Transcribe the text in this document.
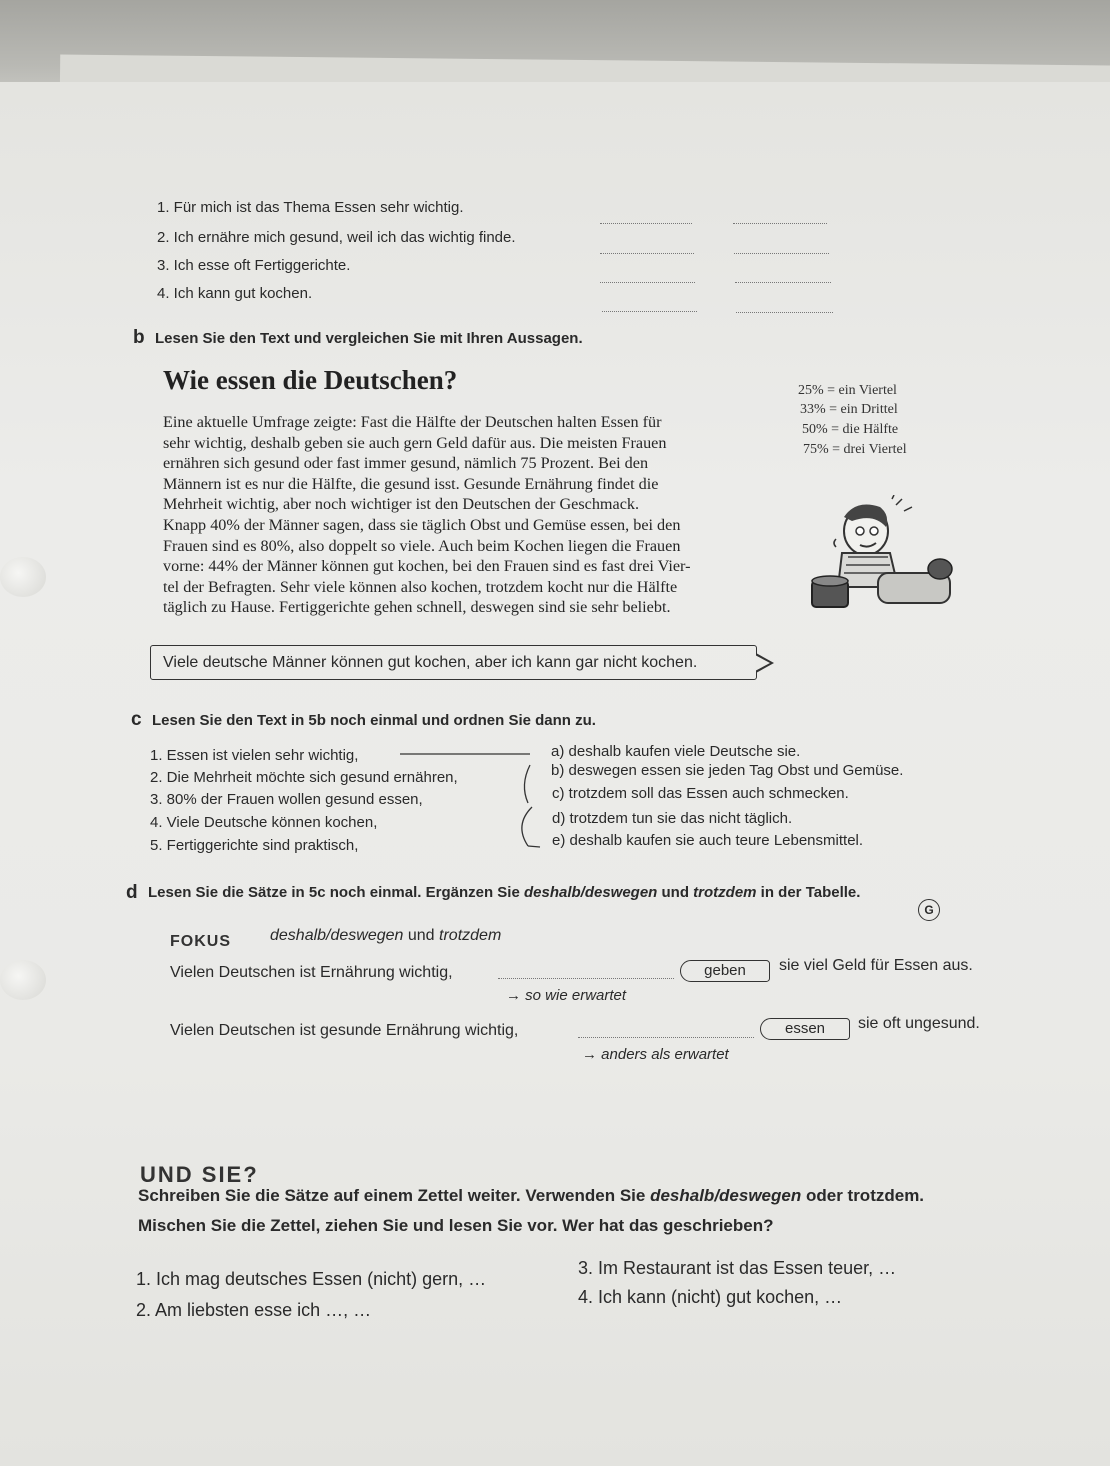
1. Für mich ist das Thema Essen sehr wichtig.
2. Ich ernähre mich gesund, weil ich das wichtig finde.
3. Ich esse oft Fertiggerichte.
4. Ich kann gut kochen.
b Lesen Sie den Text und vergleichen Sie mit Ihren Aussagen.
Wie essen die Deutschen?
Eine aktuelle Umfrage zeigte: Fast die Hälfte der Deutschen halten Essen für
sehr wichtig, deshalb geben sie auch gern Geld dafür aus. Die meisten Frauen
ernähren sich gesund oder fast immer gesund, nämlich 75 Prozent. Bei den
Männern ist es nur die Hälfte, die gesund isst. Gesunde Ernährung findet die
Mehrheit wichtig, aber noch wichtiger ist den Deutschen der Geschmack.
Knapp 40% der Männer sagen, dass sie täglich Obst und Gemüse essen, bei den
Frauen sind es 80%, also doppelt so viele. Auch beim Kochen liegen die Frauen
vorne: 44% der Männer können gut kochen, bei den Frauen sind es fast drei Vier-
tel der Befragten. Sehr viele können also kochen, trotzdem kocht nur die Hälfte
täglich zu Hause. Fertiggerichte gehen schnell, deswegen sind sie sehr beliebt.
25% = ein Viertel
33% = ein Drittel
50% = die Hälfte
75% = drei Viertel
Viele deutsche Männer können gut kochen, aber ich kann gar nicht kochen.
c Lesen Sie den Text in 5b noch einmal und ordnen Sie dann zu.
1. Essen ist vielen sehr wichtig,
2. Die Mehrheit möchte sich gesund ernähren,
3. 80% der Frauen wollen gesund essen,
4. Viele Deutsche können kochen,
5. Fertiggerichte sind praktisch,
a) deshalb kaufen viele Deutsche sie.
b) deswegen essen sie jeden Tag Obst und Gemüse.
c) trotzdem soll das Essen auch schmecken.
d) trotzdem tun sie das nicht täglich.
e) deshalb kaufen sie auch teure Lebensmittel.
d Lesen Sie die Sätze in 5c noch einmal. Ergänzen Sie deshalb/deswegen und trotzdem in der Tabelle.
G
FOKUS deshalb/deswegen und trotzdem
Vielen Deutschen ist Ernährung wichtig,	geben	sie viel Geld für Essen aus.
→ so wie erwartet
Vielen Deutschen ist gesunde Ernährung wichtig,	essen	sie oft ungesund.
→ anders als erwartet
UND SIE?
Schreiben Sie die Sätze auf einem Zettel weiter. Verwenden Sie deshalb/deswegen oder trotzdem.
Mischen Sie die Zettel, ziehen Sie und lesen Sie vor. Wer hat das geschrieben?
1. Ich mag deutsches Essen (nicht) gern, …
2. Am liebsten esse ich …, …
3. Im Restaurant ist das Essen teuer, …
4. Ich kann (nicht) gut kochen, …
